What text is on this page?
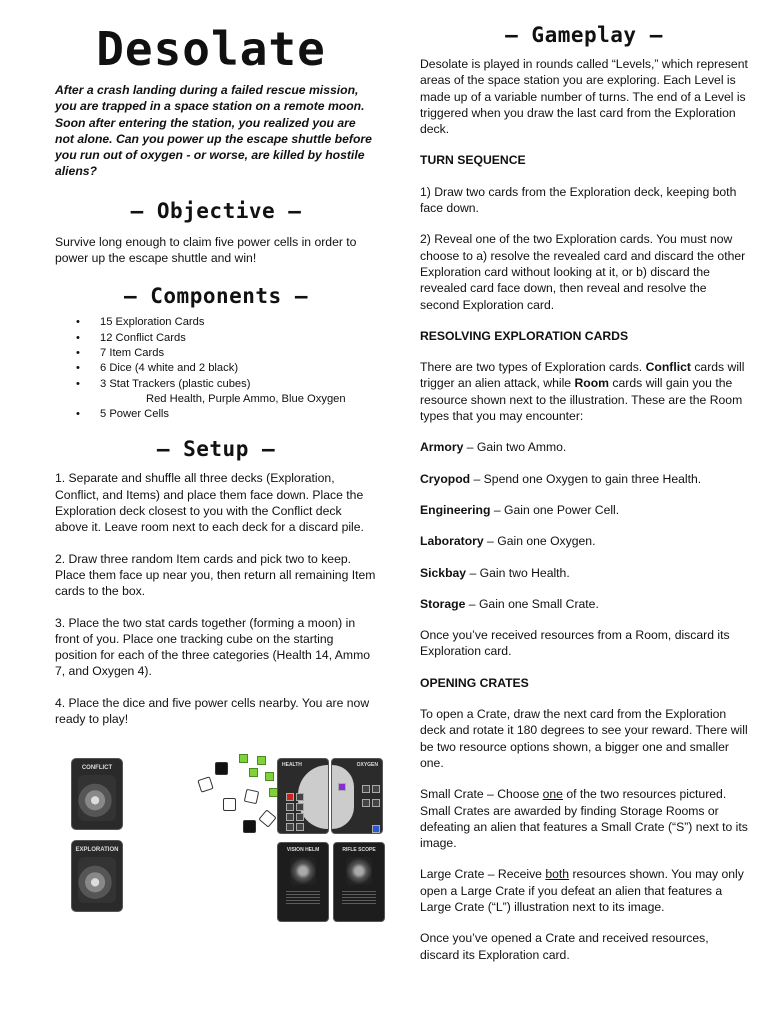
Desolate

After a crash landing during a failed rescue mission, you are trapped in a space station on a remote moon. Soon after entering the station, you realized you are not alone. Can you power up the escape shuttle before you run out of oxygen - or worse, are killed by hostile aliens?

– Objective –

Survive long enough to claim five power cells in order to power up the escape shuttle and win!

– Components –
• 15 Exploration Cards
• 12 Conflict Cards
• 7 Item Cards
• 6 Dice (4 white and 2 black)
• 3 Stat Trackers (plastic cubes)
Red Health, Purple Ammo, Blue Oxygen
• 5 Power Cells
– Setup –

1. Separate and shuffle all three decks (Exploration, Conflict, and Items) and place them face down. Place the Exploration deck closest to you with the Conflict deck above it. Leave room next to each deck for a discard pile.

2. Draw three random Item cards and pick two to keep. Place them face up near you, then return all remaining Item cards to the box.

3. Place the two stat cards together (forming a moon) in front of you. Place one tracking cube on the starting position for each of the three categories (Health 14, Ammo 7, and Oxygen 4).

4. Place the dice and five power cells nearby. You are now ready to play!

CONFLICT
EXPLORATION
HEALTH	OXYGEN
VISION HELM	RIFLE SCOPE
– Gameplay –

Desolate is played in rounds called “Levels,” which represent areas of the space station you are exploring. Each Level is made up of a variable number of turns. The end of a Level is triggered when you draw the last card from the Exploration deck.

TURN SEQUENCE

1) Draw two cards from the Exploration deck, keeping both face down.

2) Reveal one of the two Exploration cards. You must now choose to a) resolve the revealed card and discard the other Exploration card without looking at it, or b) discard the revealed card face down, then reveal and resolve the second Exploration card.

RESOLVING EXPLORATION CARDS

There are two types of Exploration cards. Conflict cards will trigger an alien attack, while Room cards will gain you the resource shown next to the illustration. These are the Room types that you may encounter:

Armory – Gain two Ammo.

Cryopod – Spend one Oxygen to gain three Health.

Engineering – Gain one Power Cell.

Laboratory – Gain one Oxygen.

Sickbay – Gain two Health.

Storage – Gain one Small Crate.

Once you’ve received resources from a Room, discard its Exploration card.

OPENING CRATES

To open a Crate, draw the next card from the Exploration deck and rotate it 180 degrees to see your reward. There will be two resource options shown, a bigger one and smaller one.

Small Crate – Choose one of the two resources pictured. Small Crates are awarded by finding Storage Rooms or defeating an alien that features a Small Crate (“S”) next to its image.

Large Crate – Receive both resources shown. You may only open a Large Crate if you defeat an alien that features a Large Crate (“L”) illustration next to its image.

Once you’ve opened a Crate and received resources, discard its Exploration card.
